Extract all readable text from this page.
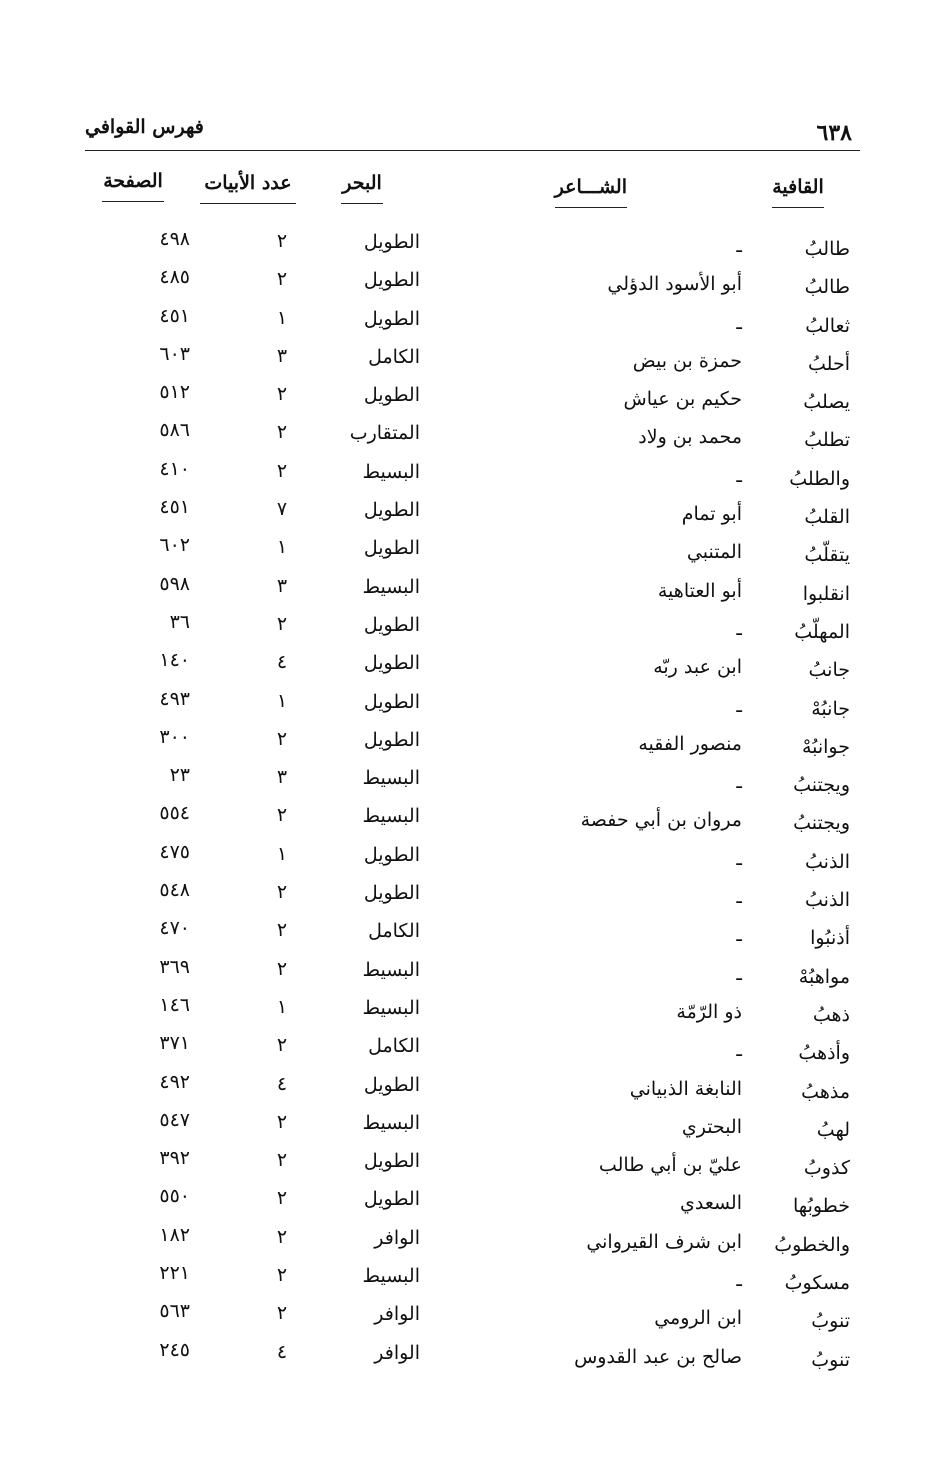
فهرس القوافي	٦٣٨
القافية
الشـــاعر
البحر
عدد الأبيات
الصفحة
طالبُ
ـ
الطويل
٢
٤٩٨
طالبُ
أبو الأسود الدؤلي
الطويل
٢
٤٨٥
ثعالبُ
ـ
الطويل
١
٤٥١
أحلبُ
حمزة بن بيض
الكامل
٣
٦٠٣
يصلبُ
حكيم بن عياش
الطويل
٢
٥١٢
تطلبُ
محمد بن ولاد
المتقارب
٢
٥٨٦
والطلبُ
ـ
البسيط
٢
٤١٠
القلبُ
أبو تمام
الطويل
٧
٤٥١
يتقلّبُ
المتنبي
الطويل
١
٦٠٢
انقلبوا
أبو العتاهية
البسيط
٣
٥٩٨
المهلّبُ
ـ
الطويل
٢
٣٦
جانبُ
ابن عبد ربّه
الطويل
٤
١٤٠
جانبُهْ
ـ
الطويل
١
٤٩٣
جوانبُهْ
منصور الفقيه
الطويل
٢
٣٠٠
ويجتنبُ
ـ
البسيط
٣
٢٣
ويجتنبُ
مروان بن أبي حفصة
البسيط
٢
٥٥٤
الذنبُ
ـ
الطويل
١
٤٧٥
الذنبُ
ـ
الطويل
٢
٥٤٨
أذنبُوا
ـ
الكامل
٢
٤٧٠
مواهبُهْ
ـ
البسيط
٢
٣٦٩
ذهبُ
ذو الرّمّة
البسيط
١
١٤٦
وأذهبُ
ـ
الكامل
٢
٣٧١
مذهبُ
النابغة الذبياني
الطويل
٤
٤٩٢
لهبُ
البحتري
البسيط
٢
٥٤٧
كذوبُ
عليّ بن أبي طالب
الطويل
٢
٣٩٢
خطوبُها
السعدي
الطويل
٢
٥٥٠
والخطوبُ
ابن شرف القيرواني
الوافر
٢
١٨٢
مسكوبُ
ـ
البسيط
٢
٢٢١
تنوبُ
ابن الرومي
الوافر
٢
٥٦٣
تنوبُ
صالح بن عبد القدوس
الوافر
٤
٢٤٥
